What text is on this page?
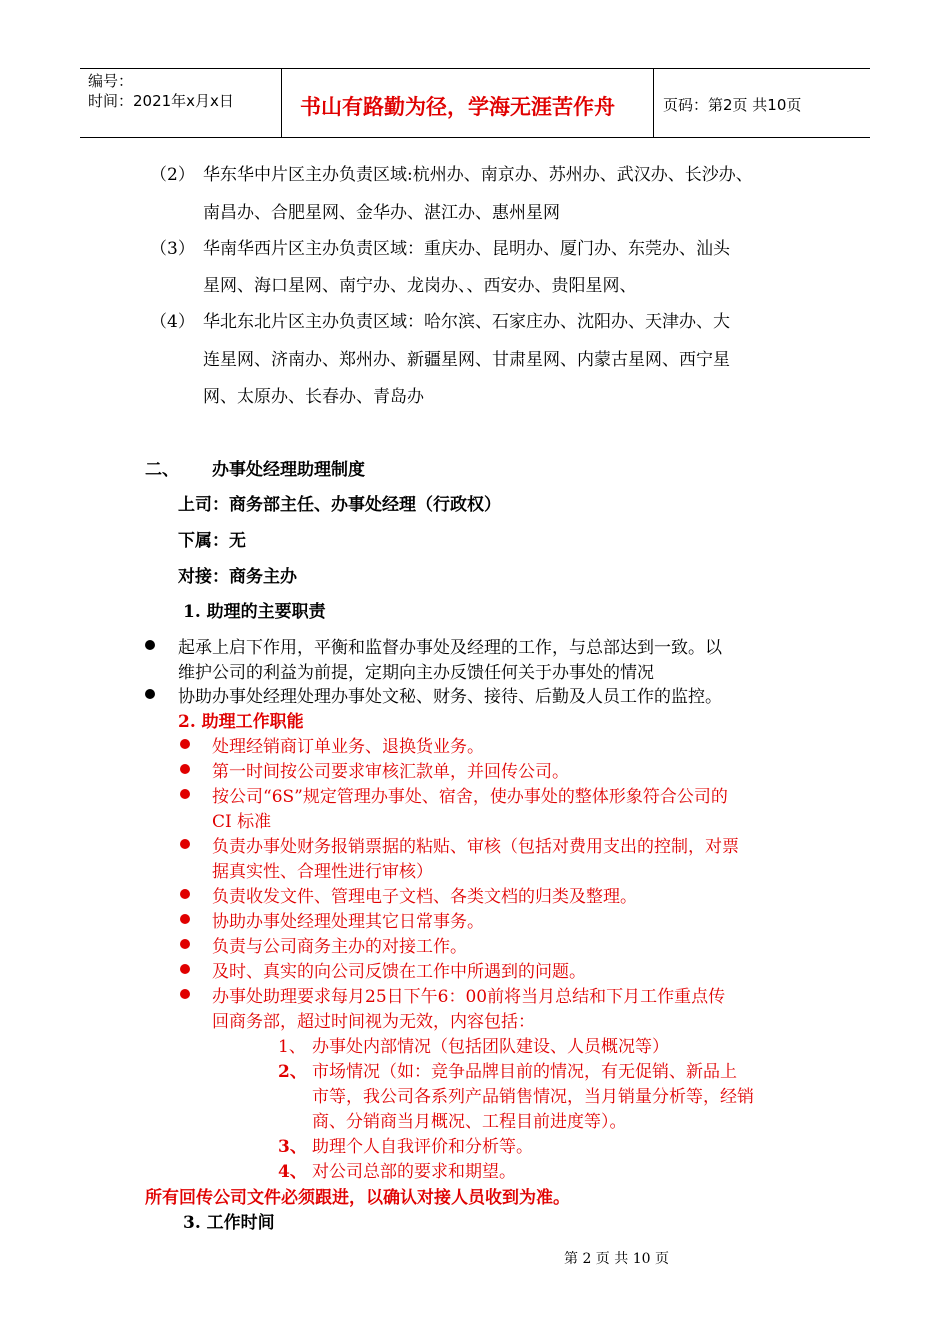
编号：
时间：2021年x月x日	书山有路勤为径，学海无涯苦作舟	页码：第2页 共10页
（2） 华东华中片区主办负责区域:杭州办、南京办、苏州办、武汉办、长沙办、
南昌办、合肥星网、金华办、湛江办、惠州星网
（3） 华南华西片区主办负责区域：重庆办、昆明办、厦门办、东莞办、汕头
星网、海口星网、南宁办、龙岗办、、西安办、贵阳星网、
（4） 华北东北片区主办负责区域：哈尔滨、石家庄办、沈阳办、天津办、大
连星网、济南办、郑州办、新疆星网、甘肃星网、内蒙古星网、西宁星
网、太原办、长春办、青岛办
二、 办事处经理助理制度
上司：商务部主任、办事处经理（行政权）
下属：无
对接：商务主办
1. 助理的主要职责
起承上启下作用，平衡和监督办事处及经理的工作，与总部达到一致。以
维护公司的利益为前提，定期向主办反馈任何关于办事处的情况
协助办事处经理处理办事处文秘、财务、接待、后勤及人员工作的监控。
2. 助理工作职能
处理经销商订单业务、退换货业务。
第一时间按公司要求审核汇款单，并回传公司。
按公司“6S”规定管理办事处、宿舍，使办事处的整体形象符合公司的
CI 标准
负责办事处财务报销票据的粘贴、审核（包括对费用支出的控制，对票
据真实性、合理性进行审核）
负责收发文件、管理电子文档、各类文档的归类及整理。
协助办事处经理处理其它日常事务。
负责与公司商务主办的对接工作。
及时、真实的向公司反馈在工作中所遇到的问题。
办事处助理要求每月25日下午6：00前将当月总结和下月工作重点传
回商务部，超过时间视为无效，内容包括：
1、 办事处内部情况（包括团队建设、人员概况等）
2、 市场情况（如：竞争品牌目前的情况，有无促销、新品上
市等，我公司各系列产品销售情况，当月销量分析等，经销
商、分销商当月概况、工程目前进度等）。
3、 助理个人自我评价和分析等。
4、 对公司总部的要求和期望。
所有回传公司文件必须跟进，以确认对接人员收到为准。
3. 工作时间
第 2 页 共 10 页
